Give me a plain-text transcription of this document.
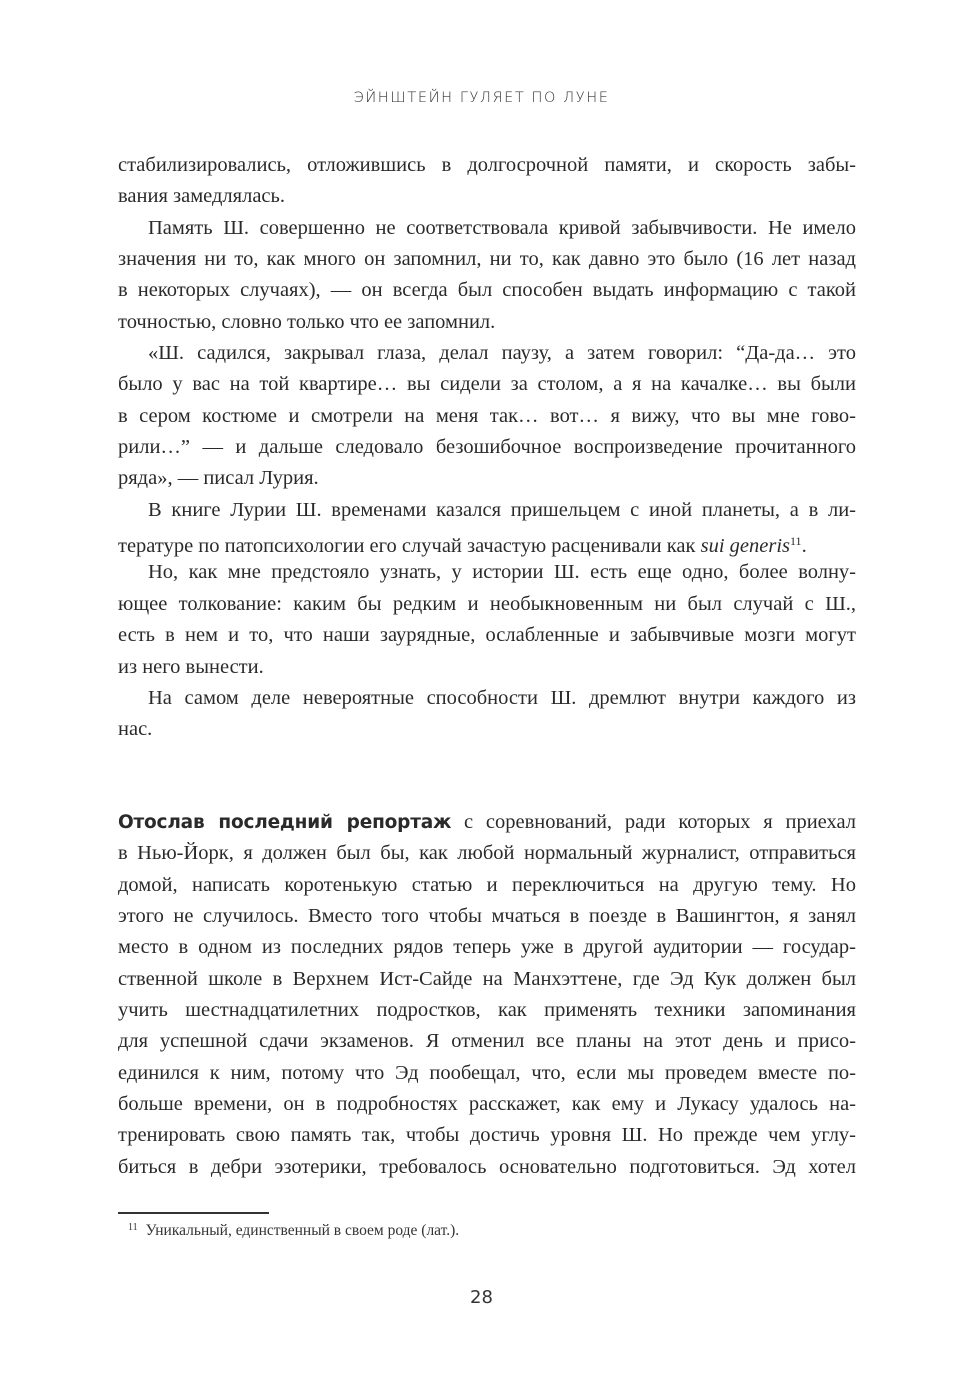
ЭЙНШТЕЙН ГУЛЯЕТ ПО ЛУНЕ
стабилизировались, отложившись в долгосрочной памяти, и скорость забы-
вания замедлялась.
Память Ш. совершенно не соответствовала кривой забывчивости. Не имело
значения ни то, как много он запомнил, ни то, как давно это было (16 лет назад
в некоторых случаях), — он всегда был способен выдать информацию с такой
точностью, словно только что ее запомнил.
«Ш. садился, закрывал глаза, делал паузу, а затем говорил: “Да-да… это
было у вас на той квартире… вы сидели за столом, а я на качалке… вы были
в сером костюме и смотрели на меня так… вот… я вижу, что вы мне гово-
рили…” — и дальше следовало безошибочное воспроизведение прочитанного
ряда», — писал Лурия.
В книге Лурии Ш. временами казался пришельцем с иной планеты, а в ли-
тературе по патопсихологии его случай зачастую расценивали как sui generis$^{11}$.
Но, как мне предстояло узнать, у истории Ш. есть еще одно, более волну-
ющее толкование: каким бы редким и необыкновенным ни был случай с Ш.,
есть в нем и то, что наши заурядные, ослабленные и забывчивые мозги могут
из него вынести.
На самом деле невероятные способности Ш. дремлют внутри каждого из
нас.
Отослав последний репортаж с соревнований, ради которых я приехал
в Нью-Йорк, я должен был бы, как любой нормальный журналист, отправиться
домой, написать коротенькую статью и переключиться на другую тему. Но
этого не случилось. Вместо того чтобы мчаться в поезде в Вашингтон, я занял
место в одном из последних рядов теперь уже в другой аудитории — государ-
ственной школе в Верхнем Ист-Сайде на Манхэттене, где Эд Кук должен был
учить шестнадцатилетних подростков, как применять техники запоминания
для успешной сдачи экзаменов. Я отменил все планы на этот день и присо-
единился к ним, потому что Эд пообещал, что, если мы проведем вместе по-
больше времени, он в подробностях расскажет, как ему и Лукасу удалось на-
тренировать свою память так, чтобы достичь уровня Ш. Но прежде чем углу-
биться в дебри эзотерики, требовалось основательно подготовиться. Эд хотел
$^{11}$ Уникальный, единственный в своем роде (лат.).
28
